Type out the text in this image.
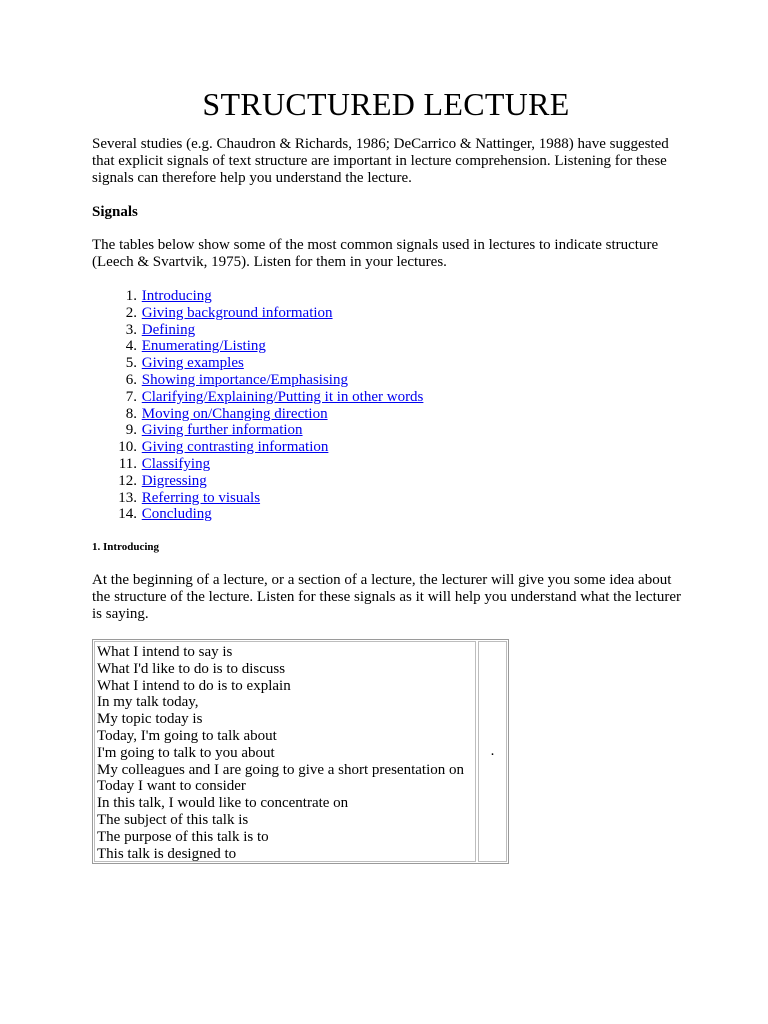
STRUCTURED LECTURE

Several studies (e.g. Chaudron & Richards, 1986; DeCarrico & Nattinger, 1988) have suggested that explicit signals of text structure are important in lecture comprehension. Listening for these signals can therefore help you understand the lecture.

Signals

The tables below show some of the most common signals used in lectures to indicate structure (Leech & Svartvik, 1975). Listen for them in your lectures.

1. Introducing
2. Giving background information
3. Defining
4. Enumerating/Listing
5. Giving examples
6. Showing importance/Emphasising
7. Clarifying/Explaining/Putting it in other words
8. Moving on/Changing direction
9. Giving further information
10. Giving contrasting information
11. Classifying
12. Digressing
13. Referring to visuals
14. Concluding
1. Introducing

At the beginning of a lecture, or a section of a lecture, the lecturer will give you some idea about the structure of the lecture. Listen for these signals as it will help you understand what the lecturer is saying.

What I intend to say is
What I'd like to do is to discuss
What I intend to do is to explain
In my talk today,
My topic today is
Today, I'm going to talk about
I'm going to talk to you about
My colleagues and I are going to give a short presentation on
Today I want to consider
In this talk, I would like to concentrate on
The subject of this talk is
The purpose of this talk is to
This talk is designed to
.
